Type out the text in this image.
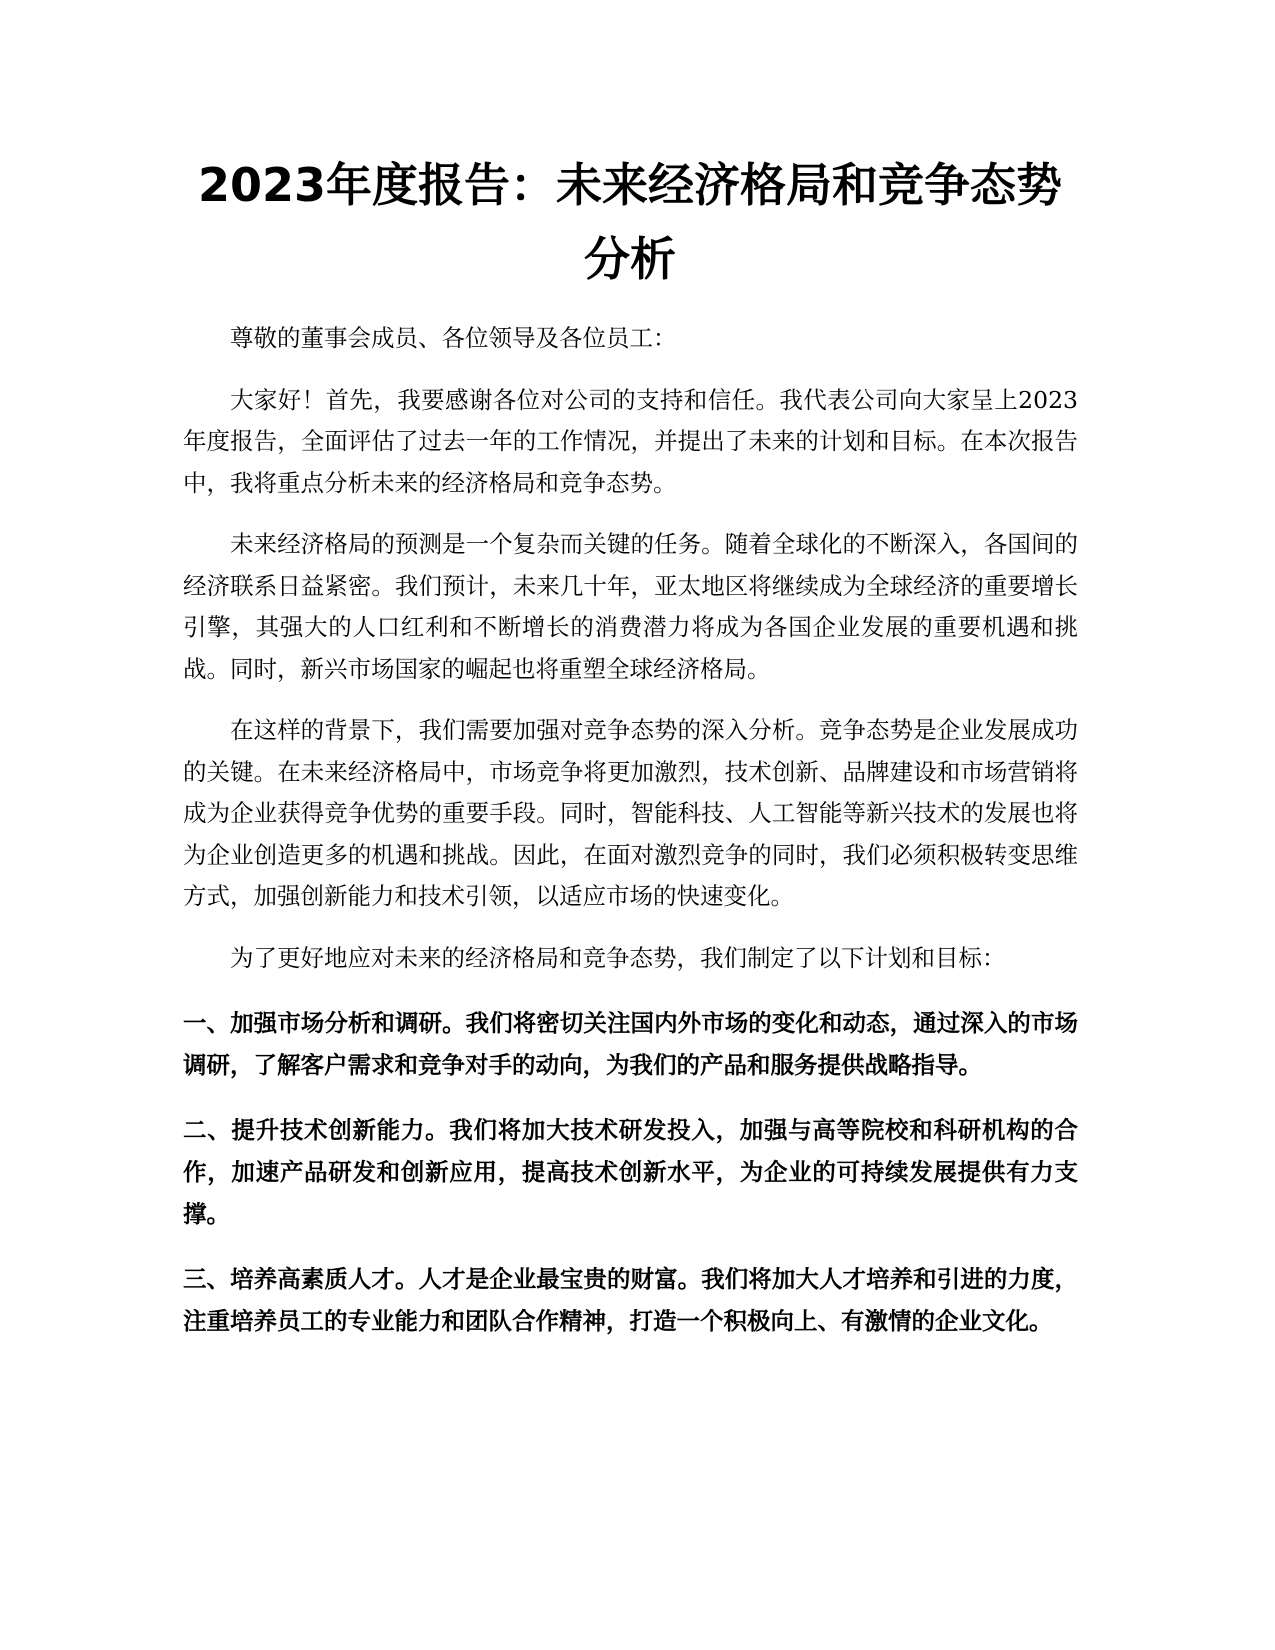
2023年度报告：未来经济格局和竞争态势分析

尊敬的董事会成员、各位领导及各位员工：

大家好！首先，我要感谢各位对公司的支持和信任。我代表公司向大家呈上2023年度报告，全面评估了过去一年的工作情况，并提出了未来的计划和目标。在本次报告中，我将重点分析未来的经济格局和竞争态势。

未来经济格局的预测是一个复杂而关键的任务。随着全球化的不断深入，各国间的经济联系日益紧密。我们预计，未来几十年，亚太地区将继续成为全球经济的重要增长引擎，其强大的人口红利和不断增长的消费潜力将成为各国企业发展的重要机遇和挑战。同时，新兴市场国家的崛起也将重塑全球经济格局。

在这样的背景下，我们需要加强对竞争态势的深入分析。竞争态势是企业发展成功的关键。在未来经济格局中，市场竞争将更加激烈，技术创新、品牌建设和市场营销将成为企业获得竞争优势的重要手段。同时，智能科技、人工智能等新兴技术的发展也将为企业创造更多的机遇和挑战。因此，在面对激烈竞争的同时，我们必须积极转变思维方式，加强创新能力和技术引领，以适应市场的快速变化。

为了更好地应对未来的经济格局和竞争态势，我们制定了以下计划和目标：

一、加强市场分析和调研。我们将密切关注国内外市场的变化和动态，通过深入的市场调研，了解客户需求和竞争对手的动向，为我们的产品和服务提供战略指导。

二、提升技术创新能力。我们将加大技术研发投入，加强与高等院校和科研机构的合作，加速产品研发和创新应用，提高技术创新水平，为企业的可持续发展提供有力支撑。

三、培养高素质人才。人才是企业最宝贵的财富。我们将加大人才培养和引进的力度，注重培养员工的专业能力和团队合作精神，打造一个积极向上、有激情的企业文化。
